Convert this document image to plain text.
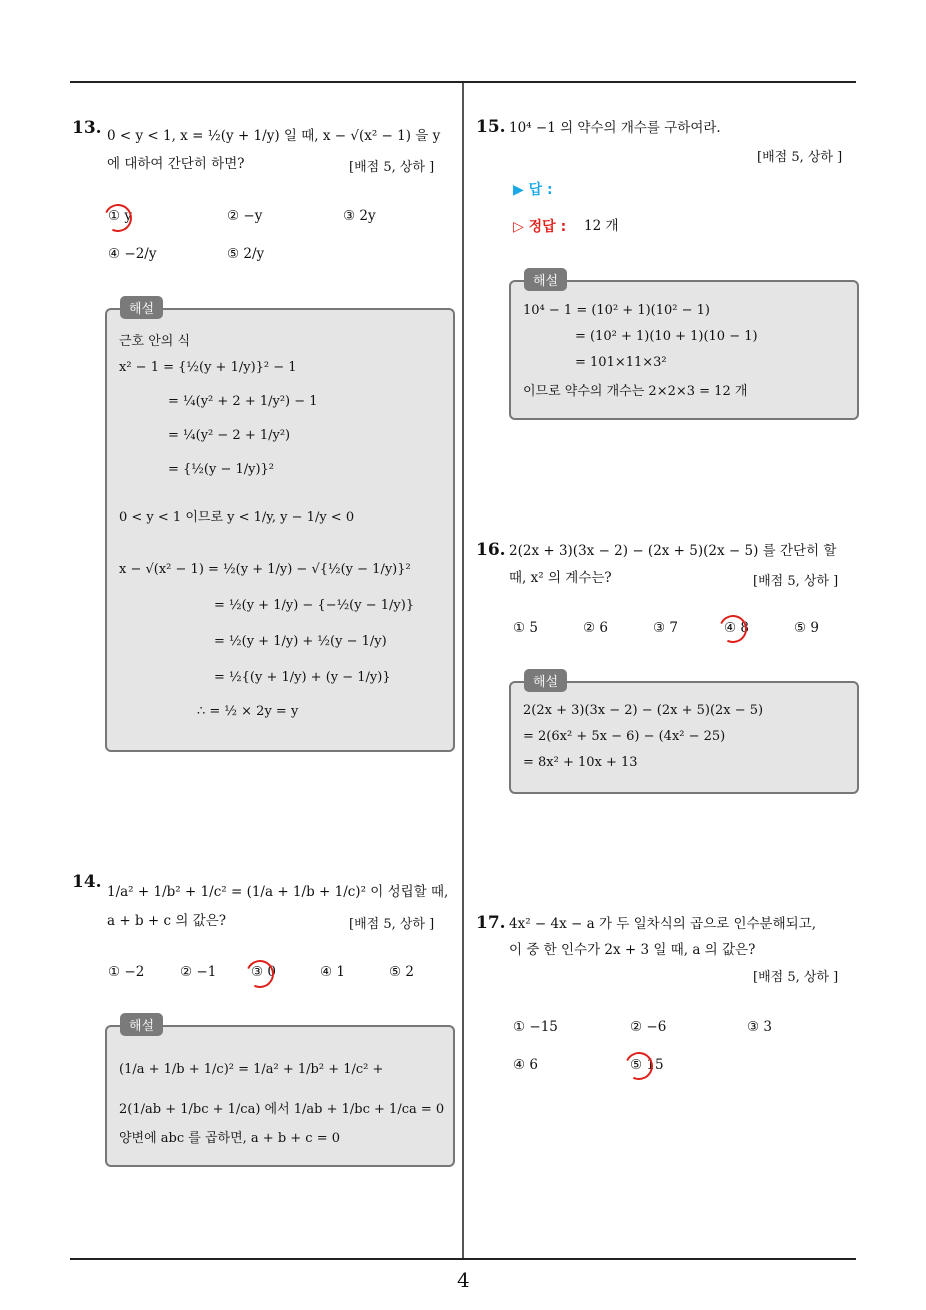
4
13. 0 < y < 1, x = ½(y + 1/y) 일 때, x − √(x² − 1) 을 y
에 대하여 간단히 하면?	[배점 5, 상하 ]
① y	② −y	③ 2y
④ −2/y	⑤ 2/y
해설
근호 안의 식
x² − 1 = {½(y + 1/y)}² − 1
= ¼(y² + 2 + 1/y²) − 1
= ¼(y² − 2 + 1/y²)
= {½(y − 1/y)}²
0 < y < 1 이므로 y < 1/y, y − 1/y < 0
x − √(x² − 1) = ½(y + 1/y) − √{½(y − 1/y)}²
= ½(y + 1/y) − {−½(y − 1/y)}
= ½(y + 1/y) + ½(y − 1/y)
= ½{(y + 1/y) + (y − 1/y)}
∴ = ½ × 2y = y
14. 1/a² + 1/b² + 1/c² = (1/a + 1/b + 1/c)² 이 성립할 때,
a + b + c 의 값은?	[배점 5, 상하 ]
① −2	② −1	③ 0	④ 1	⑤ 2
해설
(1/a + 1/b + 1/c)² = 1/a² + 1/b² + 1/c² +
2(1/ab + 1/bc + 1/ca) 에서 1/ab + 1/bc + 1/ca = 0
양변에 abc 를 곱하면, a + b + c = 0
15. 10⁴ −1 의 약수의 개수를 구하여라.
[배점 5, 상하 ]
▶ 답 :
▷ 정답 : 12 개
해설
10⁴ − 1 = (10² + 1)(10² − 1)
= (10² + 1)(10 + 1)(10 − 1)
= 101×11×3²
이므로 약수의 개수는 2×2×3 = 12 개
16. 2(2x + 3)(3x − 2) − (2x + 5)(2x − 5) 를 간단히 할
때, x² 의 계수는?	[배점 5, 상하 ]
① 5	② 6	③ 7	④ 8	⑤ 9
해설
2(2x + 3)(3x − 2) − (2x + 5)(2x − 5)
= 2(6x² + 5x − 6) − (4x² − 25)
= 8x² + 10x + 13
17. 4x² − 4x − a 가 두 일차식의 곱으로 인수분해되고,
이 중 한 인수가 2x + 3 일 때, a 의 값은?
[배점 5, 상하 ]
① −15	② −6	③ 3
④ 6	⑤ 15
